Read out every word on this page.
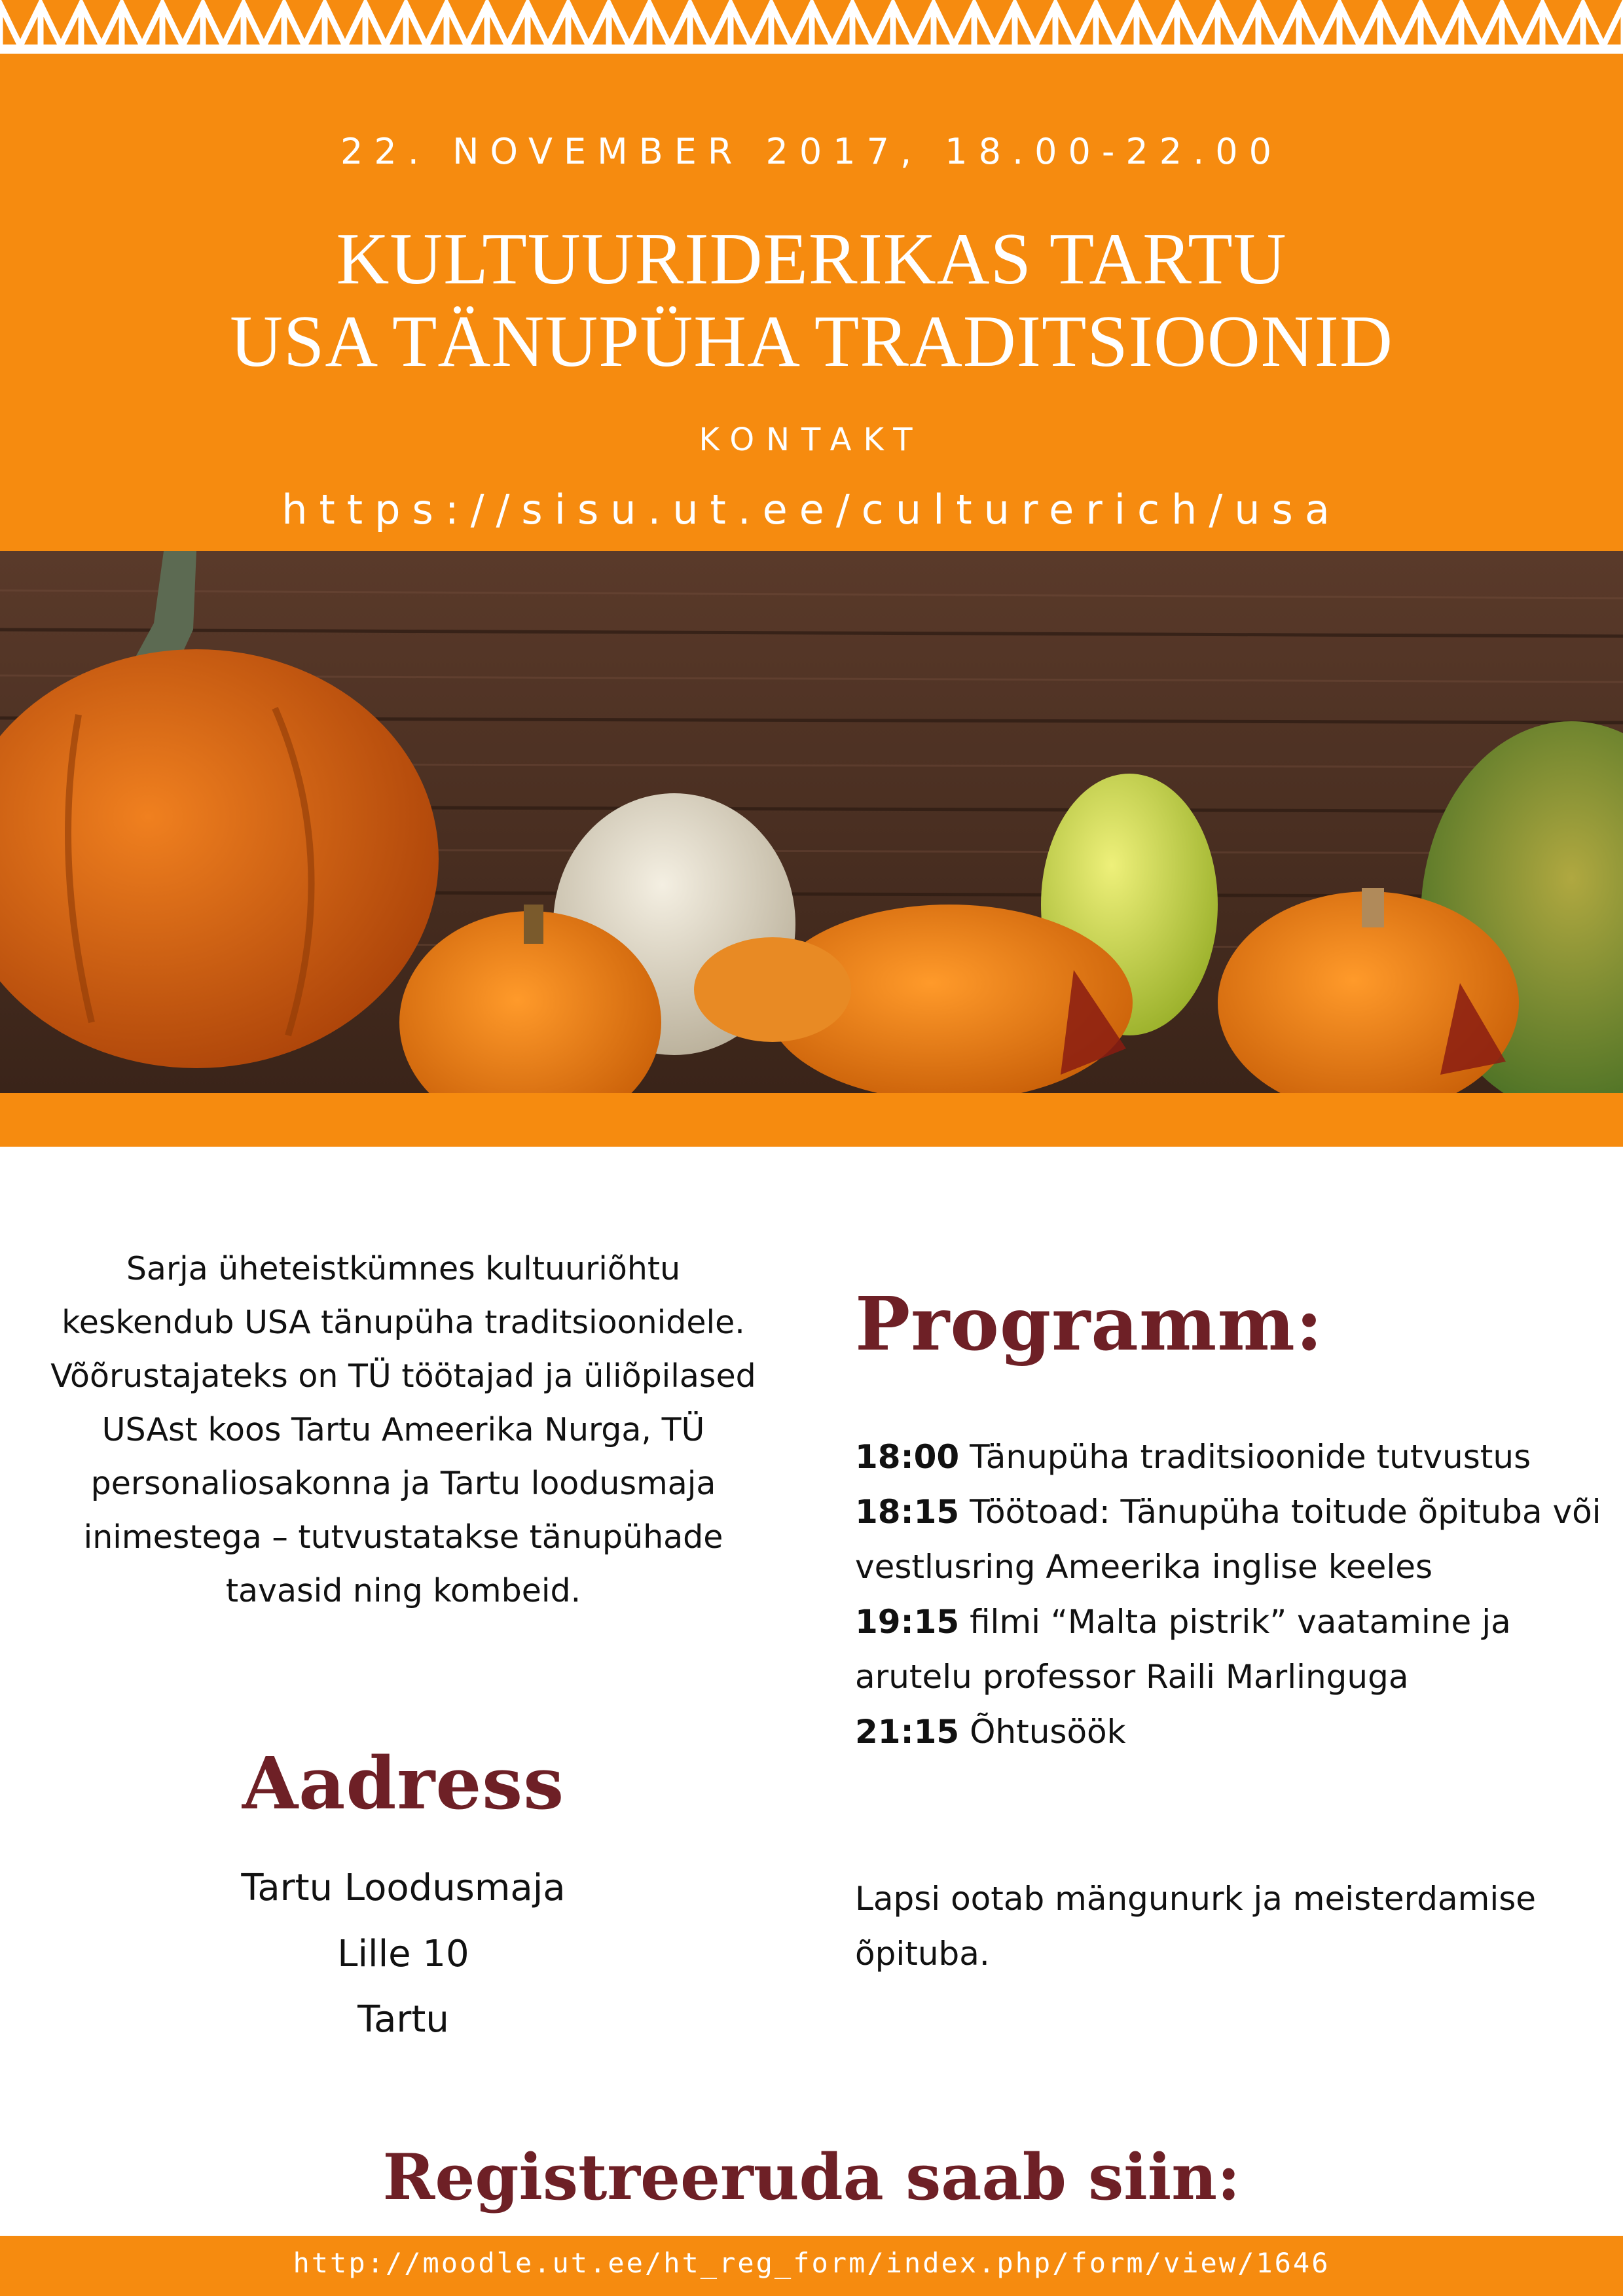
22. NOVEMBER 2017, 18.00-22.00
KULTUURIDERIKAS TARTU
USA TÄNUPÜHA TRADITSIOONID
KONTAKT
https://sisu.ut.ee/culturerich/usa
Sarja üheteistkümnes kultuuriõhtu keskendub USA tänupüha traditsioonidele. Võõrustajateks on TÜ töötajad ja üliõpilased USAst koos Tartu Ameerika Nurga, TÜ personaliosakonna ja Tartu loodusmaja inimestega – tutvustatakse tänupühade tavasid ning kombeid.
Aadress
Tartu Loodusmaja
Lille 10
Tartu
Programm:
18:00 Tänupüha traditsioonide tutvustus
18:15 Töötoad: Tänupüha toitude õpituba või vestlusring Ameerika inglise keeles
19:15 filmi “Malta pistrik” vaatamine ja arutelu professor Raili Marlinguga
21:15 Õhtusöök
Lapsi ootab mängunurk ja meisterdamise õpituba.
Registreeruda saab siin:
http://moodle.ut.ee/ht_reg_form/index.php/form/view/1646
